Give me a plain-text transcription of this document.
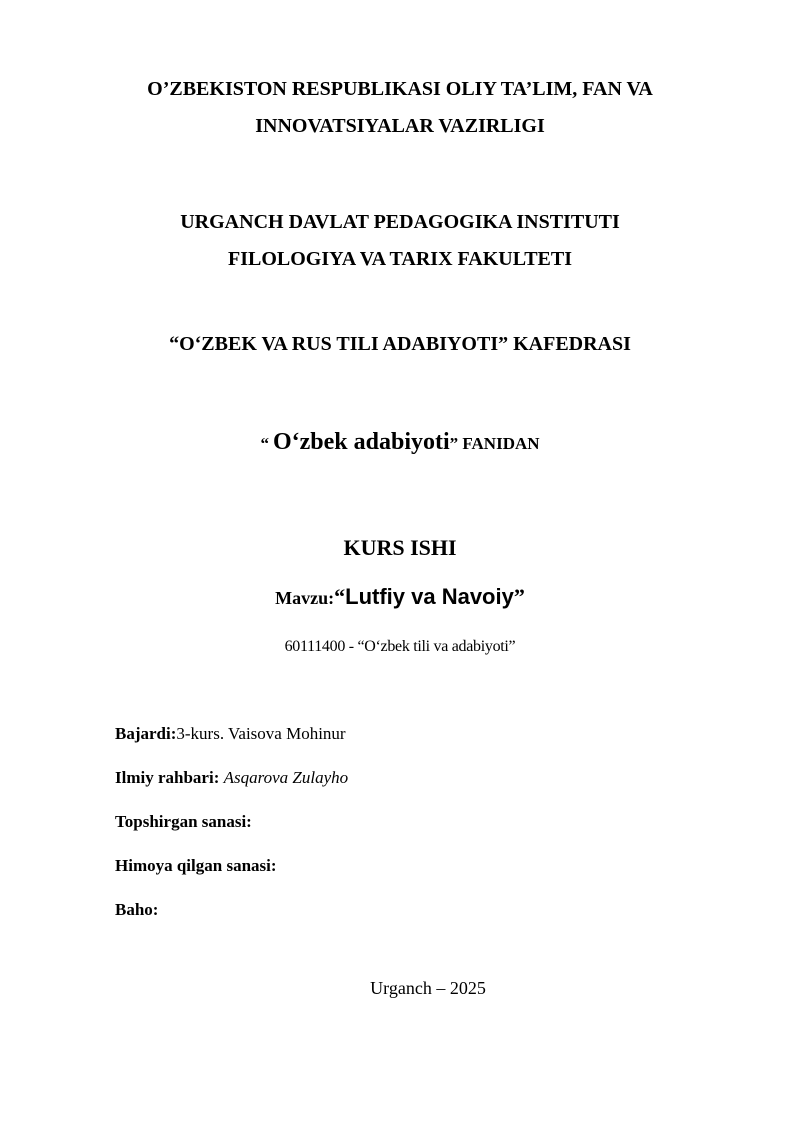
O’ZBEKISTON RESPUBLIKASI OLIY TA’LIM, FAN VA
INNOVATSIYALAR VAZIRLIGI
URGANCH DAVLAT PEDAGOGIKA INSTITUTI
FILOLOGIYA VA TARIX FAKULTETI
“O‘ZBEK VA RUS TILI ADABIYOTI” KAFEDRASI
“ O‘zbek adabiyoti” FANIDAN
KURS ISHI
Mavzu:“Lutfiy va Navoiy”
60111400 - “O‘zbek tili va adabiyoti”
Bajardi:3-kurs. Vaisova Mohinur
Ilmiy rahbari: Asqarova Zulayho
Topshirgan sanasi:
Himoya qilgan sanasi:
Baho:
Urganch – 2025
